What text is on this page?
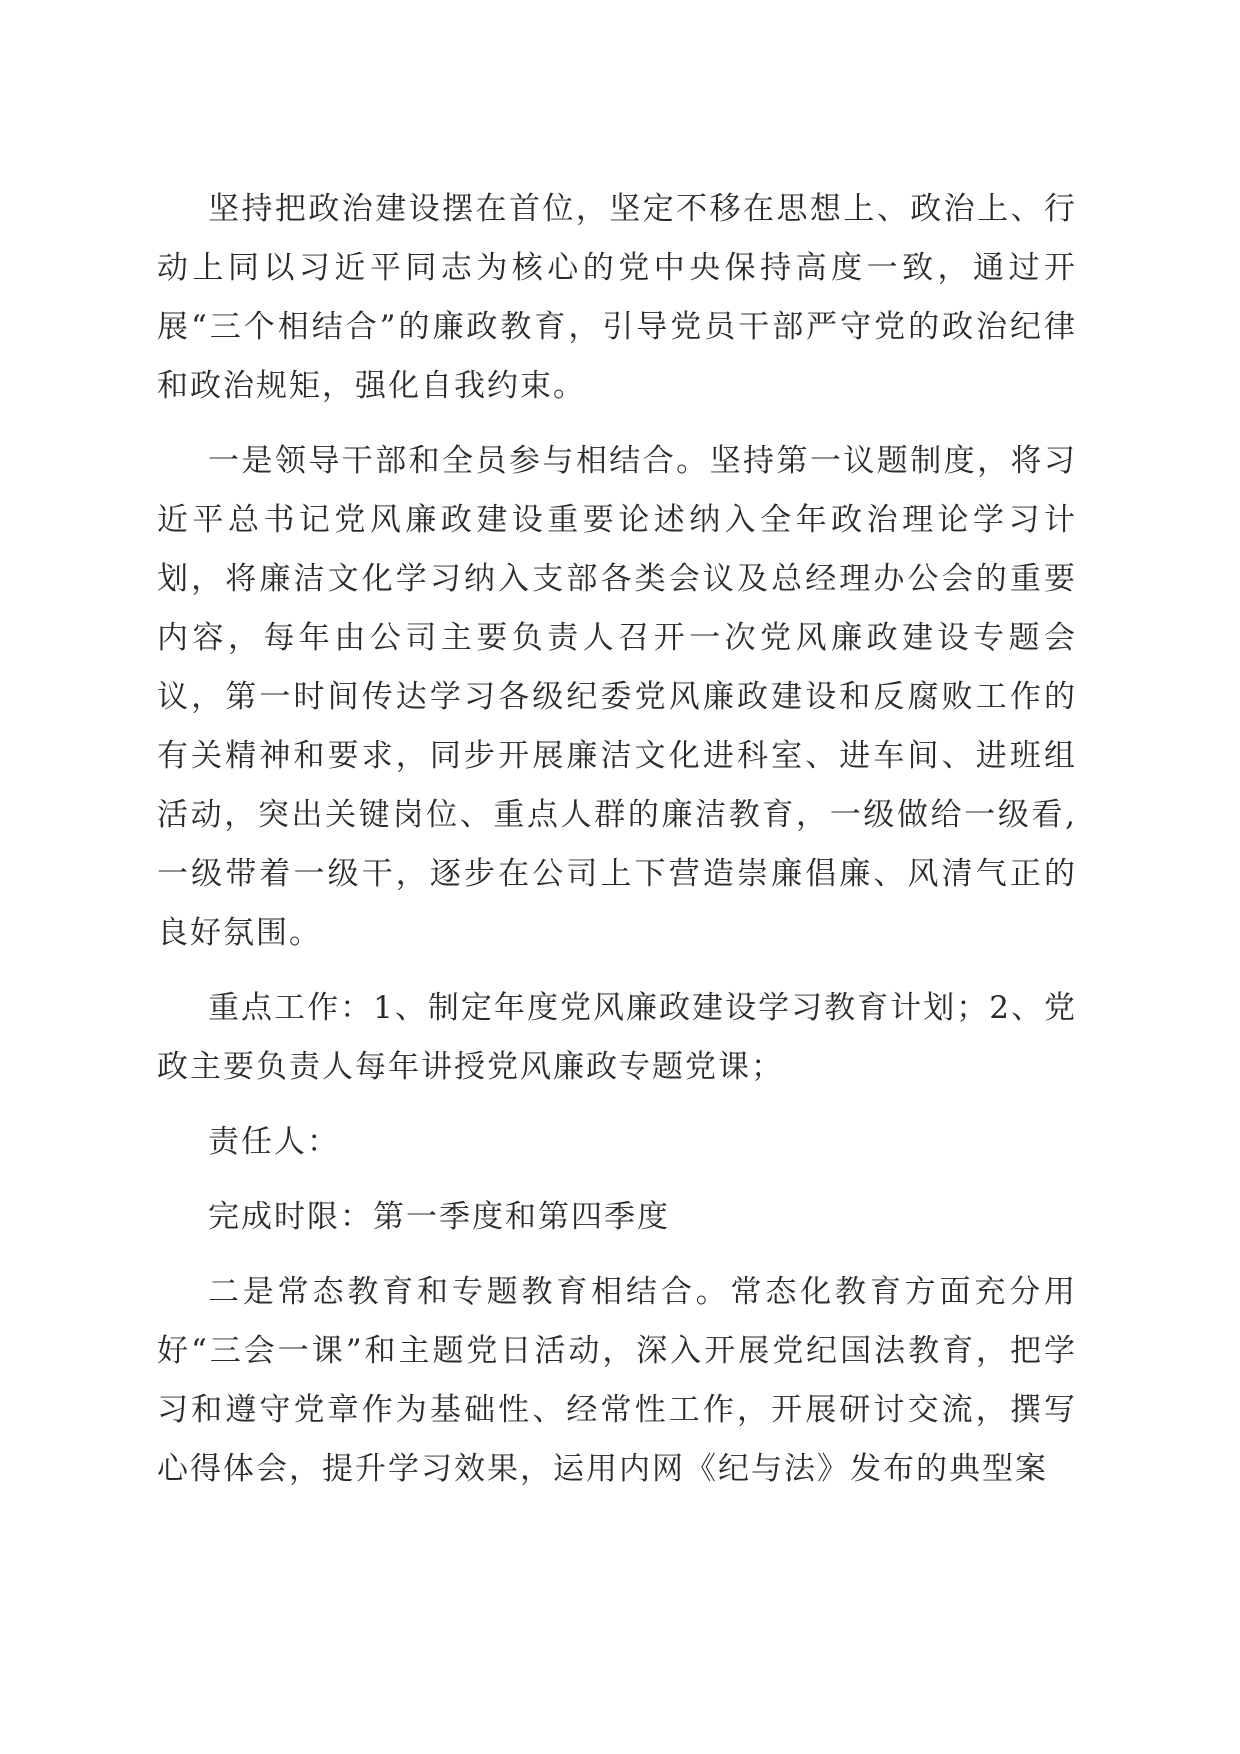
坚持把政治建设摆在首位，坚定不移在思想上、政治上、行动上同以习近平同志为核心的党中央保持高度一致，通过开展“三个相结合”的廉政教育，引导党员干部严守党的政治纪律和政治规矩，强化自我约束。

一是领导干部和全员参与相结合。坚持第一议题制度，将习近平总书记党风廉政建设重要论述纳入全年政治理论学习计划，将廉洁文化学习纳入支部各类会议及总经理办公会的重要内容，每年由公司主要负责人召开一次党风廉政建设专题会议，第一时间传达学习各级纪委党风廉政建设和反腐败工作的有关精神和要求，同步开展廉洁文化进科室、进车间、进班组活动，突出关键岗位、重点人群的廉洁教育，一级做给一级看,一级带着一级干，逐步在公司上下营造崇廉倡廉、风清气正的良好氛围。

重点工作：1、制定年度党风廉政建设学习教育计划；2、党政主要负责人每年讲授党风廉政专题党课；

责任人：

完成时限：第一季度和第四季度

二是常态教育和专题教育相结合。常态化教育方面充分用好“三会一课”和主题党日活动，深入开展党纪国法教育，把学习和遵守党章作为基础性、经常性工作，开展研讨交流，撰写心得体会，提升学习效果，运用内网《纪与法》发布的典型案
